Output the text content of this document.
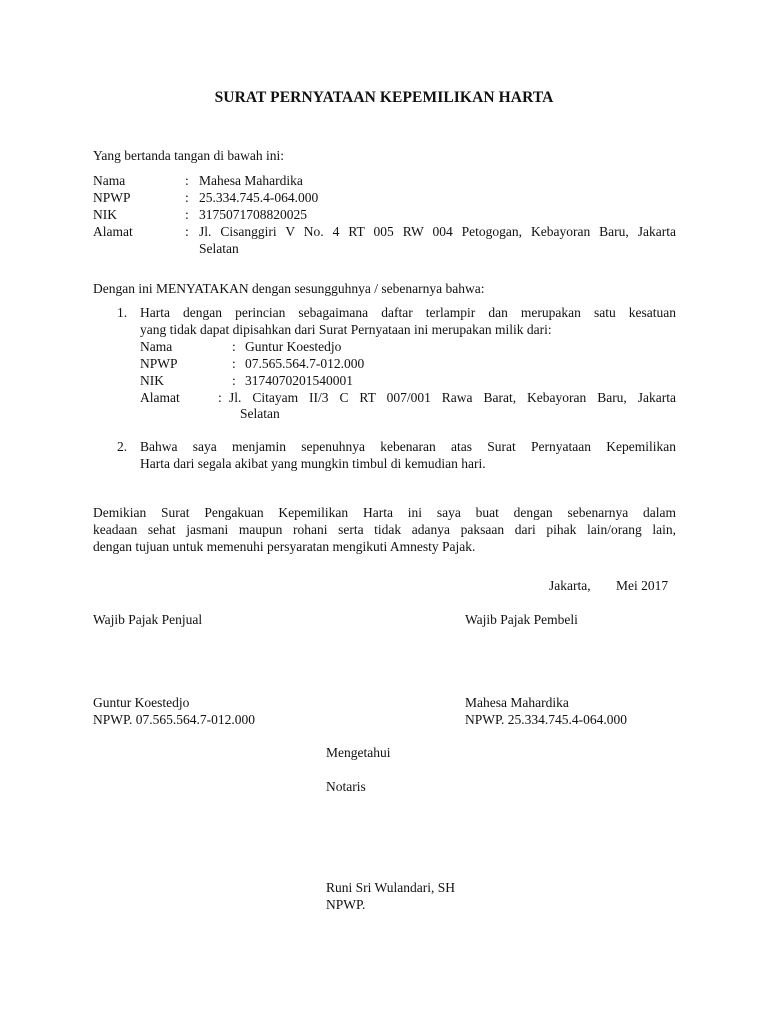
SURAT PERNYATAAN KEPEMILIKAN HARTA
Yang bertanda tangan di bawah ini:
Nama	: Mahesa Mahardika
NPWP	: 25.334.745.4-064.000
NIK	: 3175071708820025
Alamat	: Jl. Cisanggiri V No. 4 RT 005 RW 004 Petogogan, Kebayoran Baru, Jakarta
Selatan
Dengan ini MENYATAKAN dengan sesungguhnya / sebenarnya bahwa:
1. Harta dengan perincian sebagaimana daftar terlampir dan merupakan satu kesatuan
yang tidak dapat dipisahkan dari Surat Pernyataan ini merupakan milik dari:
Nama	: Guntur Koestedjo
NPWP	: 07.565.564.7-012.000
NIK	: 3174070201540001
Alamat	: Jl. Citayam II/3 C RT 007/001 Rawa Barat, Kebayoran Baru, Jakarta
Selatan
2. Bahwa saya menjamin sepenuhnya kebenaran atas Surat Pernyataan Kepemilikan
Harta dari segala akibat yang mungkin timbul di kemudian hari.
Demikian Surat Pengakuan Kepemilikan Harta ini saya buat dengan sebenarnya dalam
keadaan sehat jasmani maupun rohani serta tidak adanya paksaan dari pihak lain/orang lain,
dengan tujuan untuk memenuhi persyaratan mengikuti Amnesty Pajak.
Jakarta, Mei 2017
Wajib Pajak Penjual
Guntur Koestedjo
NPWP. 07.565.564.7-012.000
Wajib Pajak Pembeli
Mahesa Mahardika
NPWP. 25.334.745.4-064.000
Mengetahui
Notaris
Runi Sri Wulandari, SH
NPWP.
